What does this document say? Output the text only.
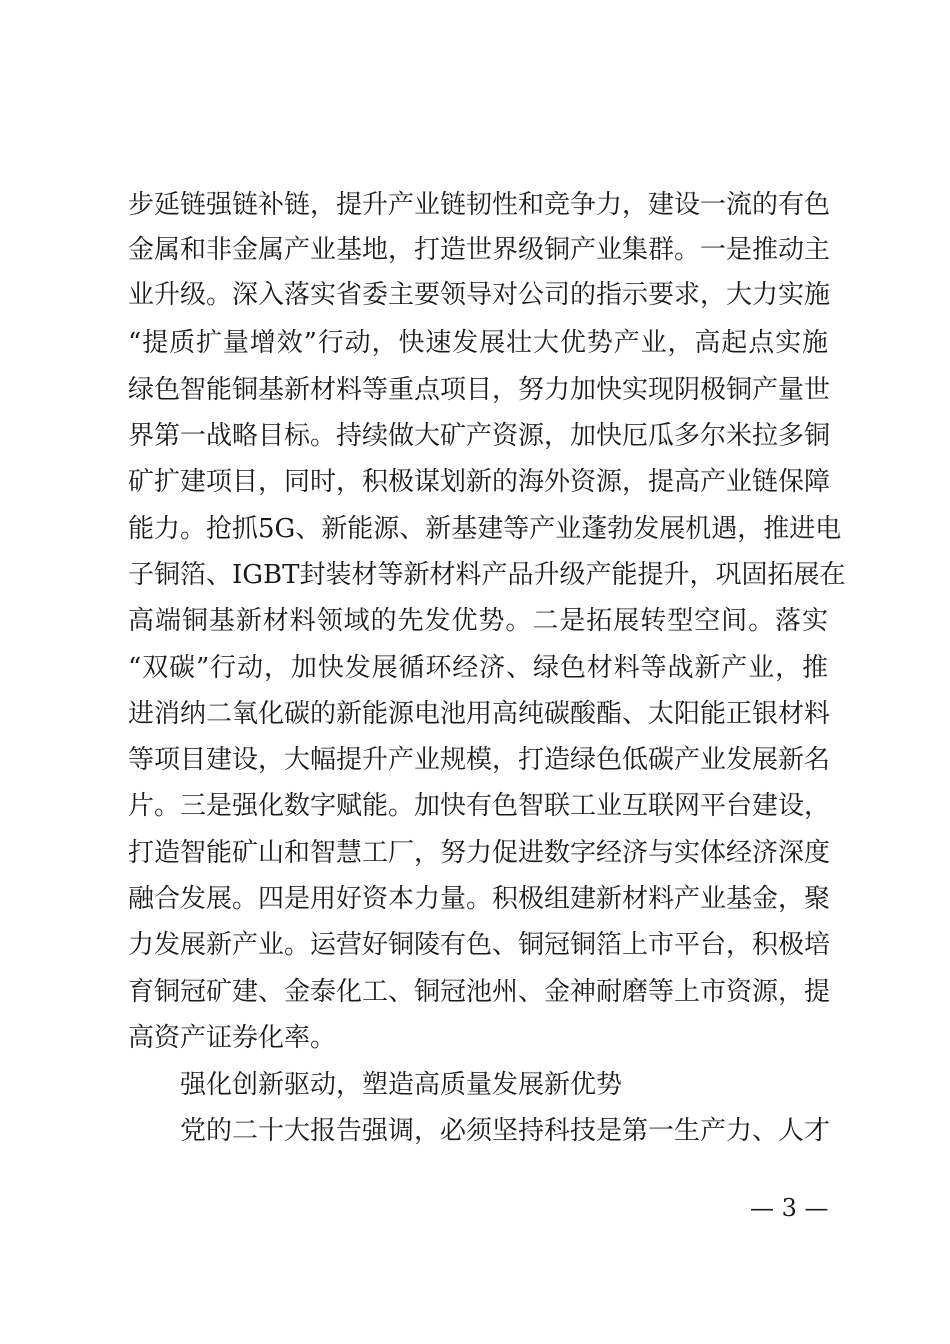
步延链强链补链，提升产业链韧性和竞争力，建设一流的有色
金属和非金属产业基地，打造世界级铜产业集群。一是推动主
业升级。深入落实省委主要领导对公司的指示要求，大力实施
“提质扩量增效”行动，快速发展壮大优势产业，高起点实施
绿色智能铜基新材料等重点项目，努力加快实现阴极铜产量世
界第一战略目标。持续做大矿产资源，加快厄瓜多尔米拉多铜
矿扩建项目，同时，积极谋划新的海外资源，提高产业链保障
能力。抢抓5G、新能源、新基建等产业蓬勃发展机遇，推进电
子铜箔、IGBT封装材等新材料产品升级产能提升，巩固拓展在
高端铜基新材料领域的先发优势。二是拓展转型空间。落实
“双碳”行动，加快发展循环经济、绿色材料等战新产业，推
进消纳二氧化碳的新能源电池用高纯碳酸酯、太阳能正银材料
等项目建设，大幅提升产业规模，打造绿色低碳产业发展新名
片。三是强化数字赋能。加快有色智联工业互联网平台建设，
打造智能矿山和智慧工厂，努力促进数字经济与实体经济深度
融合发展。四是用好资本力量。积极组建新材料产业基金，聚
力发展新产业。运营好铜陵有色、铜冠铜箔上市平台，积极培
育铜冠矿建、金泰化工、铜冠池州、金神耐磨等上市资源，提
高资产证券化率。
强化创新驱动，塑造高质量发展新优势
党的二十大报告强调，必须坚持科技是第一生产力、人才
— 3 —
